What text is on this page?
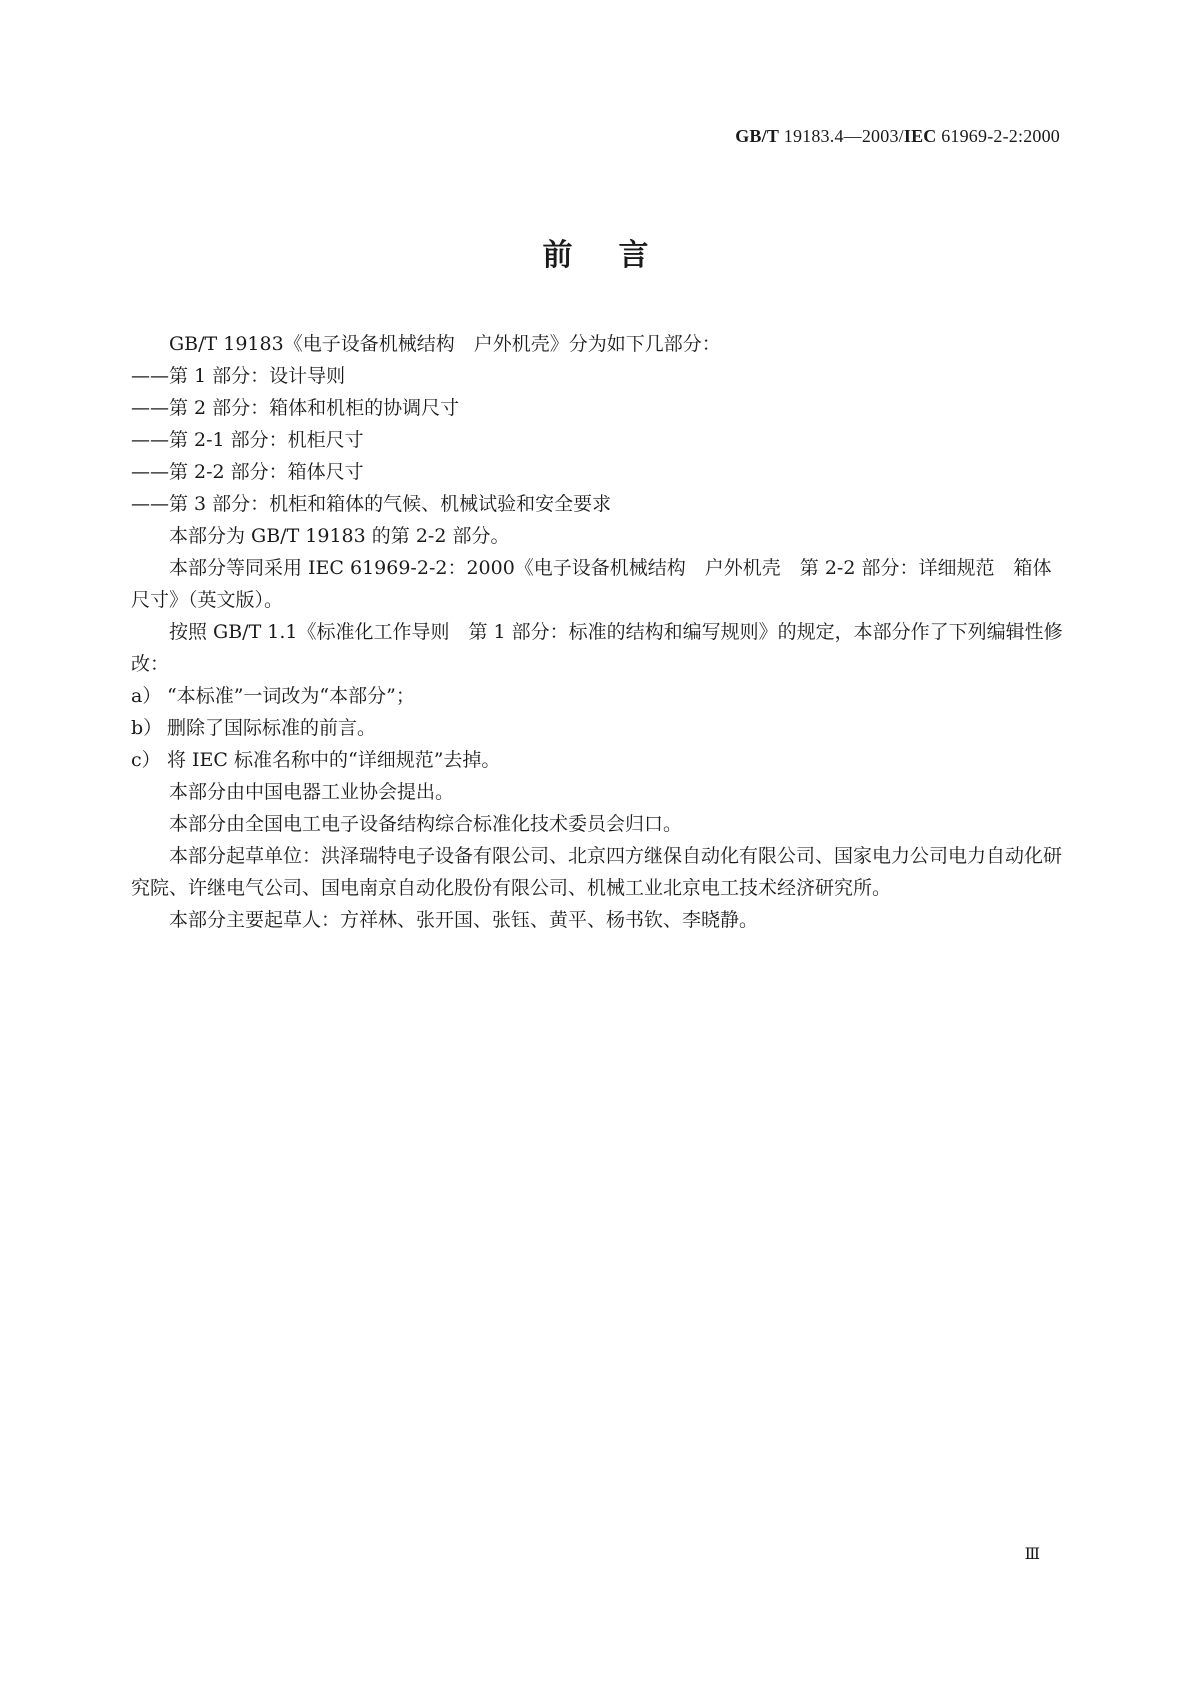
GB/T 19183.4—2003/IEC 61969-2-2:2000
前言

GB/T 19183《电子设备机械结构　户外机壳》分为如下几部分：

——第 1 部分：设计导则

——第 2 部分：箱体和机柜的协调尺寸

——第 2-1 部分：机柜尺寸

——第 2-2 部分：箱体尺寸

——第 3 部分：机柜和箱体的气候、机械试验和安全要求

本部分为 GB/T 19183 的第 2-2 部分。

本部分等同采用 IEC 61969-2-2：2000《电子设备机械结构　户外机壳　第 2-2 部分：详细规范　箱体尺寸》（英文版）。

按照 GB/T 1.1《标准化工作导则　第 1 部分：标准的结构和编写规则》的规定，本部分作了下列编辑性修改：

a） “本标准”一词改为“本部分”；

b） 删除了国际标准的前言。

c） 将 IEC 标准名称中的“详细规范”去掉。

本部分由中国电器工业协会提出。

本部分由全国电工电子设备结构综合标准化技术委员会归口。

本部分起草单位：洪泽瑞特电子设备有限公司、北京四方继保自动化有限公司、国家电力公司电力自动化研究院、许继电气公司、国电南京自动化股份有限公司、机械工业北京电工技术经济研究所。

本部分主要起草人：方祥林、张开国、张钰、黄平、杨书钦、李晓静。

Ⅲ
